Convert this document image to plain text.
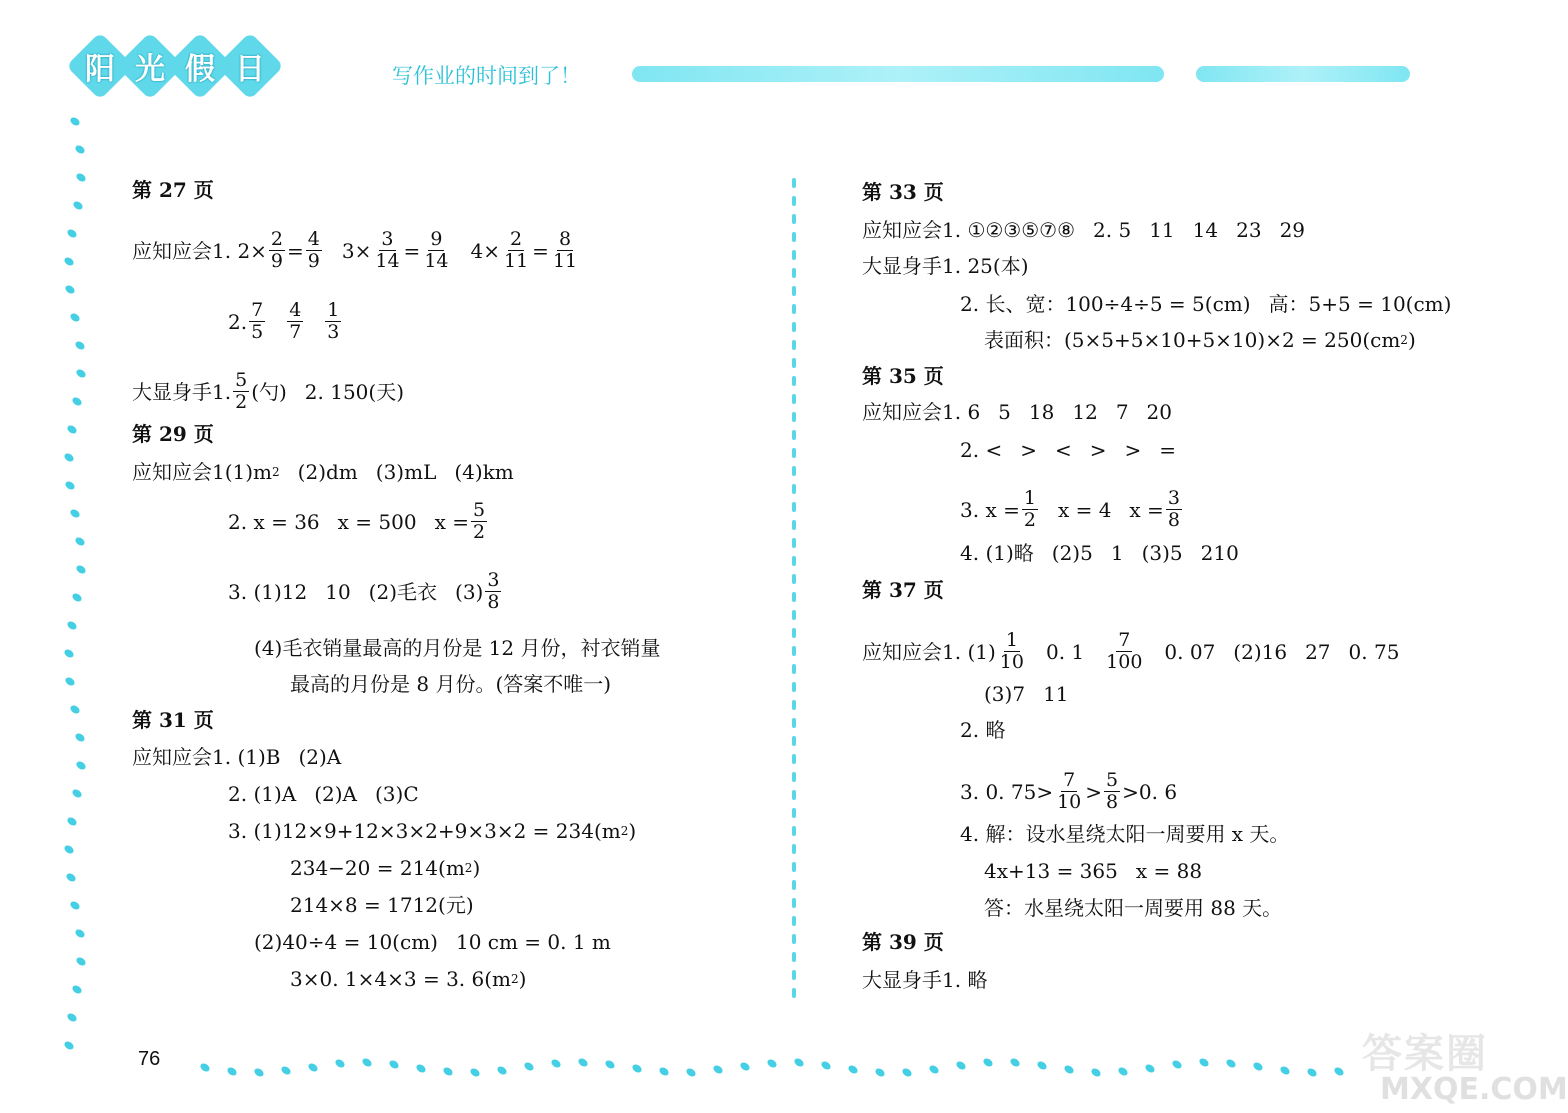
阳 光 假 日	写作业的时间到了！
第 27 页
应知应会 1. $2\times \frac{2}{9} = \frac{4}{9} 3\times \frac{3}{14} = \frac{9}{14} 4\times \frac{2}{11} = \frac{8}{11}$
2. $\frac{7}{5} \frac{4}{7} \frac{1}{3}$
大显身手 1. $\frac{5}{2}$ (勺) 2. 150(天)
第 29 页
应知应会 1(1)m 2 (2)dm (3)mL (4)km
2. x = 36 x = 500 $x = \frac{5}{2}$
3. (1)12 10 (2)毛衣 $(3) \frac{3}{8}$
(4)毛衣销量最高的月份是 12 月份，衬衣销量
最高的月份是 8 月份。(答案不唯一)
第 31 页
应知应会 1. (1)B (2)A
2. (1)A (2)A (3)C
3. (1)12×9+12×3×2+9×3×2 = 234(m 2 )
234−20 = 214(m 2 )
214×8 = 1712(元)
(2)40÷4 = 10(cm) 10 cm = 0. 1 m
3×0. 1×4×3 = 3. 6(m 2 )
第 33 页
应知应会 1. ①②③⑤⑦⑧ 2. 5 11 14 23 29
大显身手 1. 25(本)
2. 长、宽：100÷4÷5 = 5(cm) 高：5+5 = 10(cm)
表面积：(5×5+5×10+5×10)×2 = 250(cm 2 )
第 35 页
应知应会 1. 6 5 18 12 7 20
2. < > < > > =
3. $x = \frac{1}{2}$ x = 4 $x = \frac{3}{8}$
4. (1)略 (2)5 1 (3)5 210
第 37 页
应知应会 1. $(1) \frac{1}{10} 0$. $1 \frac{7}{100} 0$. 07 (2)16 27 0. 75
(3)7 11
2. 略
3. 0. $75> \frac{7}{10} > \frac{5}{8} >0$. 6
4. 解：设水星绕太阳一周要用 x 天。
4x+13 = 365 x = 88
答：水星绕太阳一周要用 88 天。
第 39 页
大显身手 1. 略
76	答案圈
MXQE.COM
